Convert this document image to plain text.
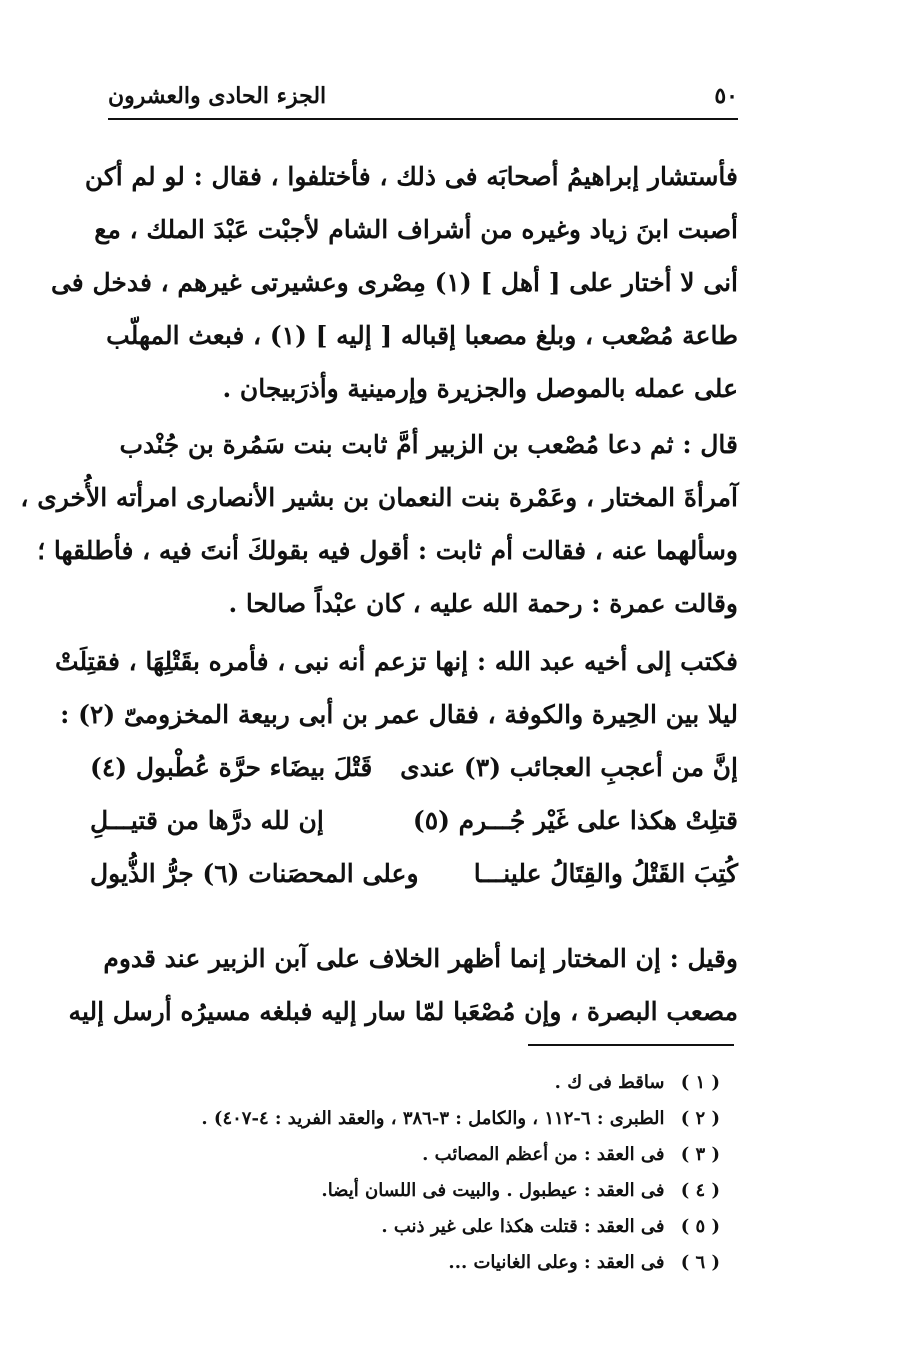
٥٠
الجزء الحادى والعشرون
فأستشار إبراهيمُ أصحابَه فى ذلك ، فأختلفوا ، فقال : لو لم أكن
أصبت ابنَ زياد وغيره من أشراف الشام لأجبْت عَبْدَ الملك ، مع
أنى لا أختار على [ أهل ] (١) مِصْرى وعشيرتى غيرهم ، فدخل فى
طاعة مُصْعب ، وبلغ مصعبا إقباله [ إليه ] (١) ، فبعث المهلّب
على عمله بالموصل والجزيرة وإرمينية وأذرَبيجان .
قال : ثم دعا مُصْعب بن الزبير أمَّ ثابت بنت سَمُرة بن جُنْدب
آمرأةَ المختار ، وعَمْرة بنت النعمان بن بشير الأنصارى امرأته الأُخرى ،
وسألهما عنه ، فقالت أم ثابت : أقول فيه بقولكَ أنتَ فيه ، فأطلقها ؛
وقالت عمرة : رحمة الله عليه ، كان عبْداً صالحا .
فكتب إلى أخيه عبد الله : إنها تزعم أنه نبى ، فأمره بقَتْلِهَا ، فقتِلَتْ
ليلا بين الحِيرة والكوفة ، فقال عمر بن أبى ربيعة المخزومىّ (٢) :
إنَّ من أعجبِ العجائب (٣) عندى
قَتْلَ بيضَاء حرَّة عُطْبول (٤)
قتلِتْ هكذا على غَيْر جُـــرم (٥)
إن لله درَّها من قتيـــلِ
كُتِبَ القَتْلُ والقِتَالُ علينـــا
وعلى المحصَنات (٦) جرُّ الذُّيول
وقيل : إن المختار إنما أظهر الخلاف على آبن الزبير عند قدوم
مصعب البصرة ، وإن مُصْعَبا لمّا سار إليه فبلغه مسيرُه أرسل إليه
( ١ ) ساقط فى ك .
( ٢ ) الطبرى : ٦-١١٢ ، والكامل : ٣-٣٨٦ ، والعقد الفريد : ٤-٤٠٧) .
( ٣ ) فى العقد : من أعظم المصائب .
( ٤ ) فى العقد : عيطبول . والبيت فى اللسان أيضا.
( ٥ ) فى العقد : قتلت هكذا على غير ذنب .
( ٦ ) فى العقد : وعلى الغانيات ...
